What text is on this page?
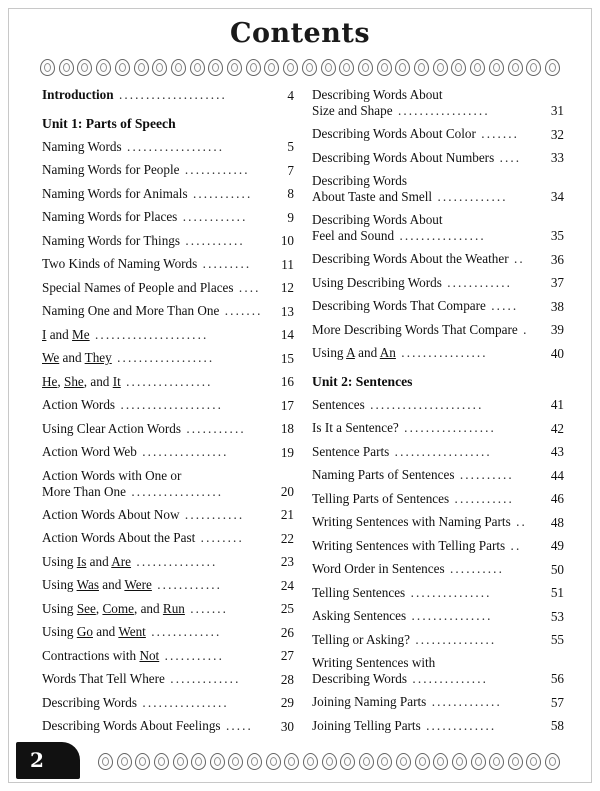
Contents
Introduction ....................	4
Unit 1: Parts of Speech
Naming Words ..................	5
Naming Words for People ............	7
Naming Words for Animals ...........	8
Naming Words for Places ............	9
Naming Words for Things ...........	10
Two Kinds of Naming Words ......... 11
Special Names of People and Places .... 12
Naming One and More Than One ....... 13
I and Me .....................	14
We and They ..................	15
He, She, and It ................	16
Action Words ...................	17
Using Clear Action Words ...........	18
Action Word Web ................	19
Action Words with One or
More Than One .................	20
Action Words About Now ...........	21
Action Words About the Past ........	22
Using Is and Are ...............	23
Using Was and Were ............	24
Using See, Come, and Run .......	25
Using Go and Went .............	26
Contractions with Not ...........	27
Words That Tell Where .............	28
Describing Words ................	29
Describing Words About Feelings ..... 30
Describing Words About
Size and Shape .................	31
Describing Words About Color ....... 32
Describing Words About Numbers .... 33
Describing Words
About Taste and Smell .............	34
Describing Words About
Feel and Sound ................	35
Describing Words About the Weather .. 36
Using Describing Words ............	37
Describing Words That Compare ..... 38
More Describing Words That Compare . 39
Using A and An ................	40
Unit 2: Sentences
Sentences .....................	41
Is It a Sentence? .................	42
Sentence Parts ..................	43
Naming Parts of Sentences ..........	44
Telling Parts of Sentences ...........	46
Writing Sentences with Naming Parts .. 48
Writing Sentences with Telling Parts .. 49
Word Order in Sentences ..........	50
Telling Sentences ...............	51
Asking Sentences ...............	53
Telling or Asking? ...............	55
Writing Sentences with
Describing Words ..............	56
Joining Naming Parts .............	57
Joining Telling Parts .............	58
2
